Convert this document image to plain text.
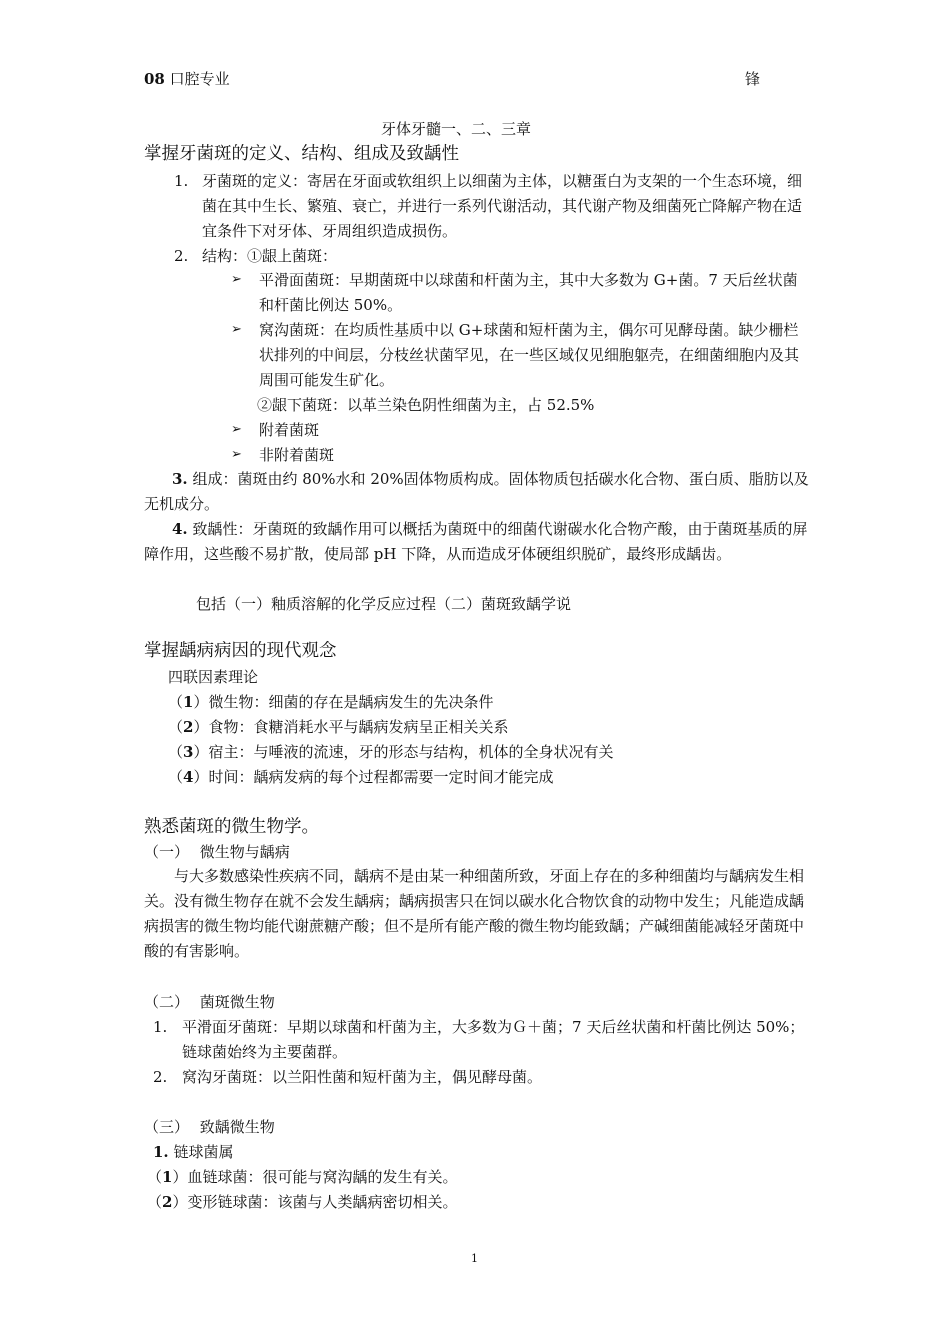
08 口腔专业	锋
牙体牙髓一、二、三章
掌握牙菌斑的定义、结构、组成及致龋性
1. 牙菌斑的定义：寄居在牙面或软组织上以细菌为主体，以糖蛋白为支架的一个生态环境，细菌在其中生长、繁殖、衰亡，并进行一系列代谢活动，其代谢产物及细菌死亡降解产物在适宜条件下对牙体、牙周组织造成损伤。
2. 结构：①龈上菌斑：
➢ 平滑面菌斑：早期菌斑中以球菌和杆菌为主，其中大多数为 G+菌。7 天后丝状菌和杆菌比例达 50%。
➢ 窝沟菌斑：在均质性基质中以 G+球菌和短杆菌为主，偶尔可见酵母菌。缺少栅栏状排列的中间层，分枝丝状菌罕见，在一些区域仅见细胞躯壳，在细菌细胞内及其周围可能发生矿化。
②龈下菌斑：以革兰染色阴性细菌为主，占 52.5%
➢ 附着菌斑
➢ 非附着菌斑
3. 组成：菌斑由约 80%水和 20%固体物质构成。固体物质包括碳水化合物、蛋白质、脂肪以及无机成分。
4. 致龋性：牙菌斑的致龋作用可以概括为菌斑中的细菌代谢碳水化合物产酸，由于菌斑基质的屏障作用，这些酸不易扩散，使局部 pH 下降，从而造成牙体硬组织脱矿，最终形成龋齿。
包括（一）釉质溶解的化学反应过程（二）菌斑致龋学说
掌握龋病病因的现代观念
四联因素理论
（1）微生物：细菌的存在是龋病发生的先决条件
（2）食物：食糖消耗水平与龋病发病呈正相关关系
（3）宿主：与唾液的流速，牙的形态与结构，机体的全身状况有关
（4）时间：龋病发病的每个过程都需要一定时间才能完成
熟悉菌斑的微生物学。
（一） 微生物与龋病
与大多数感染性疾病不同，龋病不是由某一种细菌所致，牙面上存在的多种细菌均与龋病发生相关。没有微生物存在就不会发生龋病；龋病损害只在饲以碳水化合物饮食的动物中发生；凡能造成龋病损害的微生物均能代谢蔗糖产酸；但不是所有能产酸的微生物均能致龋；产碱细菌能减轻牙菌斑中酸的有害影响。
（二） 菌斑微生物
1. 平滑面牙菌斑：早期以球菌和杆菌为主，大多数为Ｇ＋菌；7 天后丝状菌和杆菌比例达 50%；链球菌始终为主要菌群。
2. 窝沟牙菌斑：以兰阳性菌和短杆菌为主，偶见酵母菌。
（三） 致龋微生物
1. 链球菌属
（1）血链球菌：很可能与窝沟龋的发生有关。
（2）变形链球菌：该菌与人类龋病密切相关。
1
